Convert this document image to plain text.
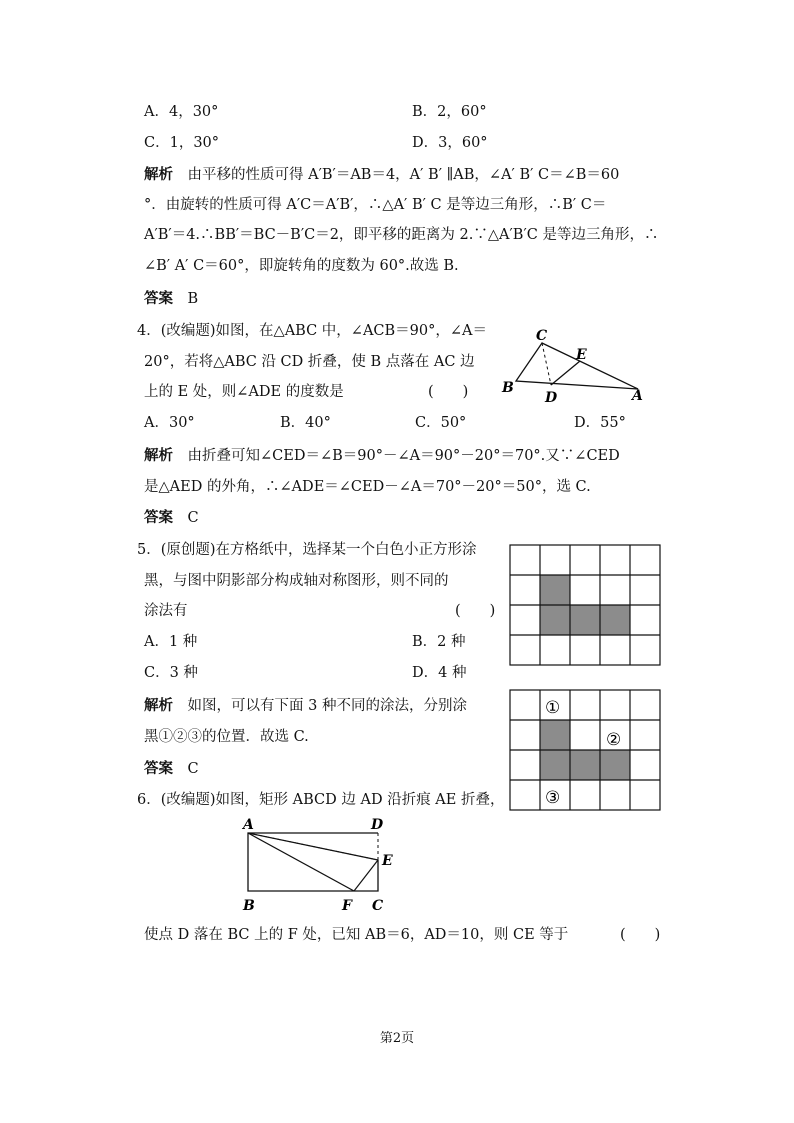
A．4，30°	B．2，60°
C．1，30°	D．3，60°
解析  由平移的性质可得 A′B′＝AB＝4，A′ B′ ∥AB，∠A′ B′ C＝∠B＝60
°．由旋转的性质可得 A′C＝A′B′，∴△A′ B′ C 是等边三角形，∴B′ C＝
A′B′＝4.∴BB′＝BC－B′C＝2，即平移的距离为 2.∵△A′B′C 是等边三角形，∴
∠B′ A′ C＝60°，即旋转角的度数为 60°.故选 B.
答案  B
4．(改编题)如图，在△ABC 中，∠ACB＝90°，∠A＝
20°，若将△ABC 沿 CD 折叠，使 B 点落在 AC 边
上的 E 处，则∠ADE 的度数是	(　　)
C
E
B
D	A
A．30°	B．40°	C．50°	D．55°
解析  由折叠可知∠CED＝∠B＝90°－∠A＝90°－20°＝70°.又∵∠CED
是△AED 的外角，∴∠ADE＝∠CED－∠A＝70°－20°＝50°，选 C.
答案  C
5．(原创题)在方格纸中，选择某一个白色小正方形涂
黑，与图中阴影部分构成轴对称图形，则不同的
涂法有	(　　)
A．1 种	B．2 种
C．3 种	D．4 种
解析  如图，可以有下面 3 种不同的涂法，分别涂
黑①②③的位置．故选 C.
答案  C
①
②
③
6．(改编题)如图，矩形 ABCD 边 AD 沿折痕 AE 折叠，
A	D
E
B	F C
使点 D 落在 BC 上的 F 处，已知 AB＝6，AD＝10，则 CE 等于	(　　)
第2页
